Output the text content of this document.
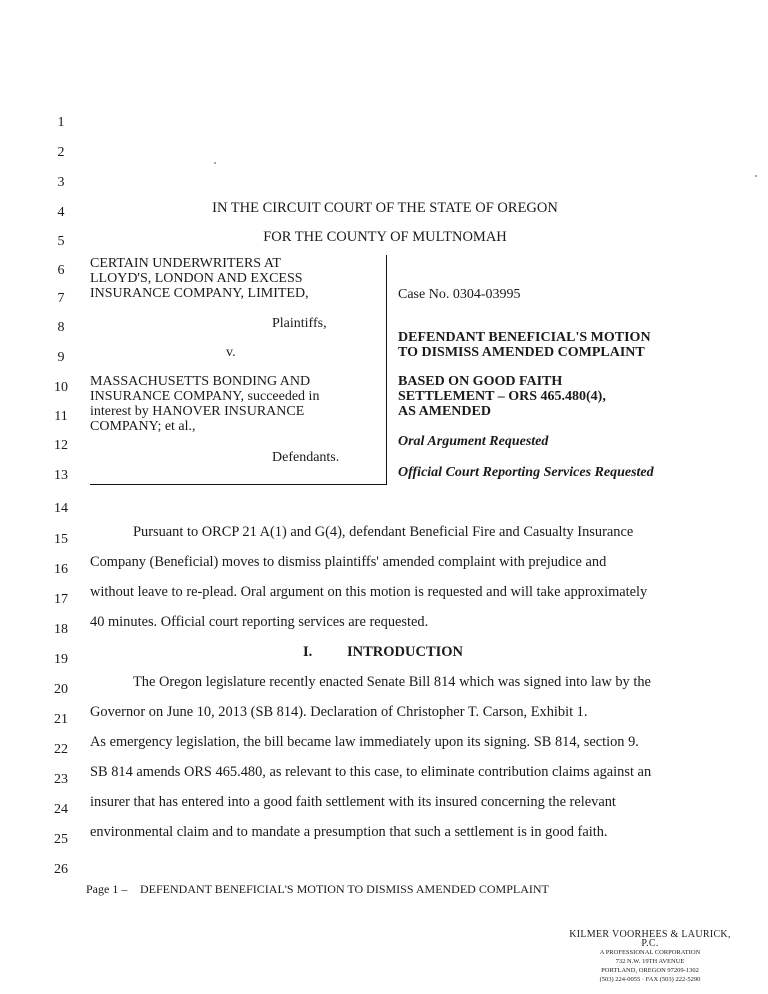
1
2
3
4
5
6
7
8
9
10
11
12
13
14
15
16
17
18
19
20
21
22
23
24
25
26
IN THE CIRCUIT COURT OF THE STATE OF OREGON
FOR THE COUNTY OF MULTNOMAH
CERTAIN UNDERWRITERS AT
LLOYD'S, LONDON AND EXCESS
INSURANCE COMPANY, LIMITED,
Plaintiffs,
v.
MASSACHUSETTS BONDING AND
INSURANCE COMPANY, succeeded in
interest by HANOVER INSURANCE
COMPANY; et al.,
Defendants.
Case No. 0304-03995
DEFENDANT BENEFICIAL'S MOTION
TO DISMISS AMENDED COMPLAINT
BASED ON GOOD FAITH
SETTLEMENT – ORS 465.480(4),
AS AMENDED
Oral Argument Requested
Official Court Reporting Services Requested
Pursuant to ORCP 21 A(1) and G(4), defendant Beneficial Fire and Casualty Insurance
Company (Beneficial) moves to dismiss plaintiffs' amended complaint with prejudice and
without leave to re-plead. Oral argument on this motion is requested and will take approximately
40 minutes. Official court reporting services are requested.
I. INTRODUCTION
The Oregon legislature recently enacted Senate Bill 814 which was signed into law by the
Governor on June 10, 2013 (SB 814). Declaration of Christopher T. Carson, Exhibit 1.
As emergency legislation, the bill became law immediately upon its signing. SB 814, section 9.
SB 814 amends ORS 465.480, as relevant to this case, to eliminate contribution claims against an
insurer that has entered into a good faith settlement with its insured concerning the relevant
environmental claim and to mandate a presumption that such a settlement is in good faith.
Page 1 – DEFENDANT BENEFICIAL'S MOTION TO DISMISS AMENDED COMPLAINT
KILMER VOORHEES & LAURICK, P.C.
A PROFESSIONAL CORPORATION
732 N.W. 19TH AVENUE
PORTLAND, OREGON 97209-1302
(503) 224-0055 · FAX (503) 222-5290
